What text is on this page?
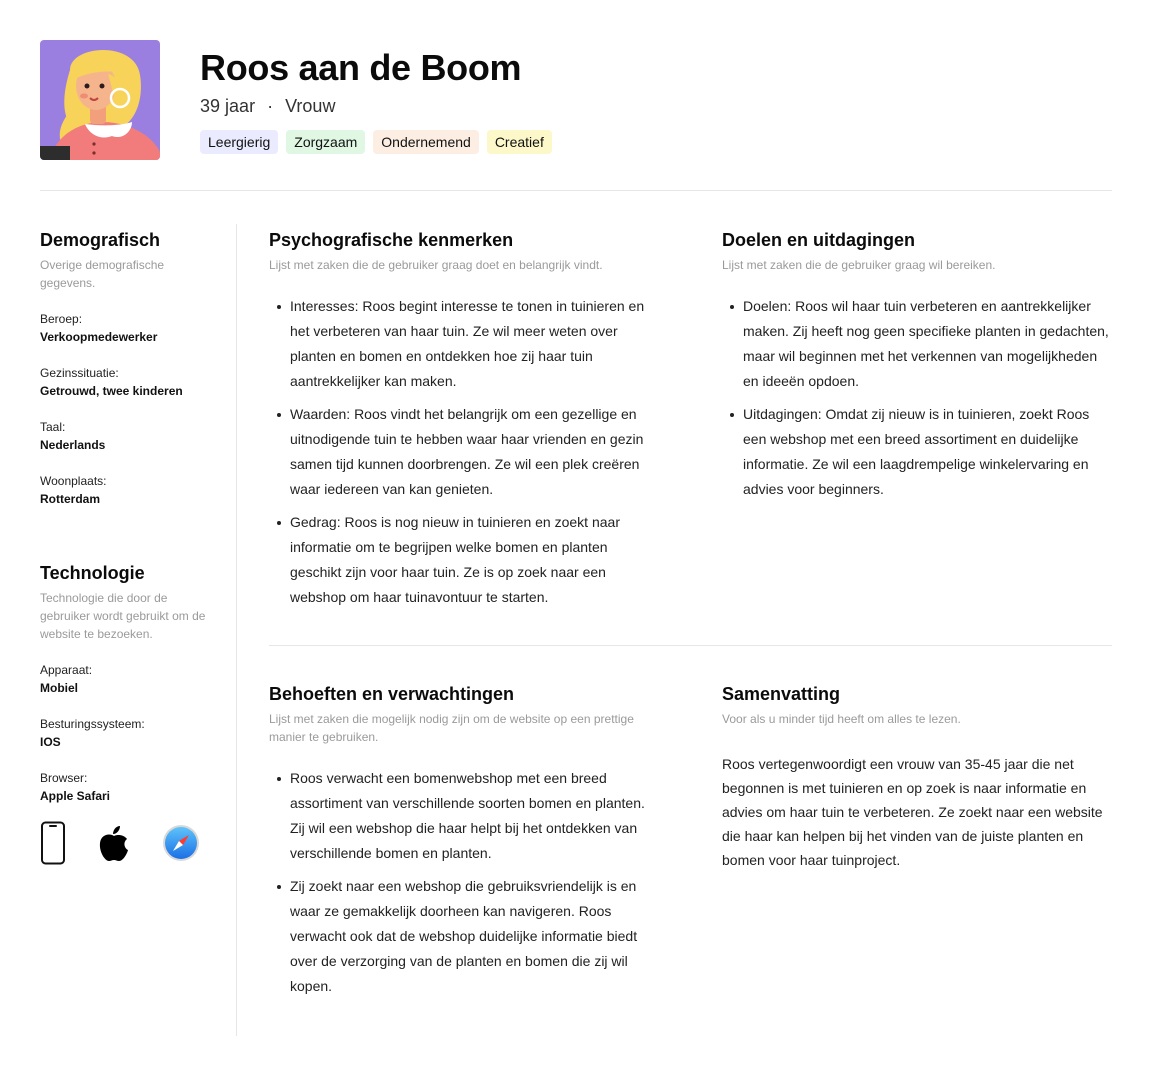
Roos aan de Boom
39 jaar · Vrouw
Leergierig	Zorgzaam	Ondernemend	Creatief
Demografisch
Overige demografische gegevens.
Beroep:
Verkoopmedewerker
Gezinssituatie:
Getrouwd, twee kinderen
Taal:
Nederlands
Woonplaats:
Rotterdam
Technologie
Technologie die door de gebruiker wordt gebruikt om de website te bezoeken.
Apparaat:
Mobiel
Besturingssysteem:
IOS
Browser:
Apple Safari
Psychografische kenmerken
Lijst met zaken die de gebruiker graag doet en belangrijk vindt.
Interesses: Roos begint interesse te tonen in tuinieren en het verbeteren van haar tuin. Ze wil meer weten over planten en bomen en ontdekken hoe zij haar tuin aantrekkelijker kan maken.
Waarden: Roos vindt het belangrijk om een gezellige en uitnodigende tuin te hebben waar haar vrienden en gezin samen tijd kunnen doorbrengen. Ze wil een plek creëren waar iedereen van kan genieten.
Gedrag: Roos is nog nieuw in tuinieren en zoekt naar informatie om te begrijpen welke bomen en planten geschikt zijn voor haar tuin. Ze is op zoek naar een webshop om haar tuinavontuur te starten.
Doelen en uitdagingen
Lijst met zaken die de gebruiker graag wil bereiken.
Doelen: Roos wil haar tuin verbeteren en aantrekkelijker maken. Zij heeft nog geen specifieke planten in gedachten, maar wil beginnen met het verkennen van mogelijkheden en ideeën opdoen.
Uitdagingen: Omdat zij nieuw is in tuinieren, zoekt Roos een webshop met een breed assortiment en duidelijke informatie. Ze wil een laagdrempelige winkelervaring en advies voor beginners.
Behoeften en verwachtingen
Lijst met zaken die mogelijk nodig zijn om de website op een prettige manier te gebruiken.
Roos verwacht een bomenwebshop met een breed assortiment van verschillende soorten bomen en planten. Zij wil een webshop die haar helpt bij het ontdekken van verschillende bomen en planten.
Zij zoekt naar een webshop die gebruiksvriendelijk is en waar ze gemakkelijk doorheen kan navigeren. Roos verwacht ook dat de webshop duidelijke informatie biedt over de verzorging van de planten en bomen die zij wil kopen.
Samenvatting
Voor als u minder tijd heeft om alles te lezen.
Roos vertegenwoordigt een vrouw van 35-45 jaar die net begonnen is met tuinieren en op zoek is naar informatie en advies om haar tuin te verbeteren. Ze zoekt naar een website die haar kan helpen bij het vinden van de juiste planten en bomen voor haar tuinproject.
